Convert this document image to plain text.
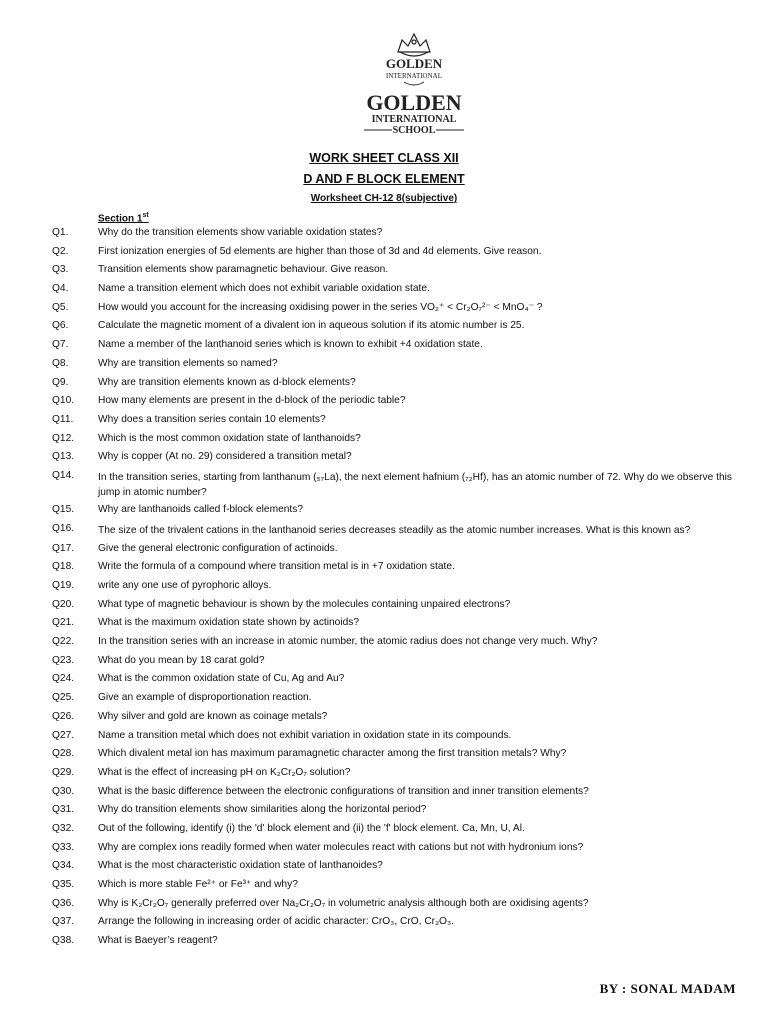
GOLDEN
INTERNATIONAL
GOLDEN
INTERNATIONAL
SCHOOL
WORK SHEET CLASS XII
D AND F BLOCK ELEMENT
Worksheet CH-12 8(subjective)
Section 1st
Q1.	Why do the transition elements show variable oxidation states?
Q2.	First ionization energies of 5d elements are higher than those of 3d and 4d elements. Give reason.
Q3.	Transition elements show paramagnetic behaviour. Give reason.
Q4.	Name a transition element which does not exhibit variable oxidation state.
Q5.	How would you account for the increasing oxidising power in the series VO₂⁺ < Cr₂O₇²⁻ < MnO₄⁻ ?
Q6.	Calculate the magnetic moment of a divalent ion in aqueous solution if its atomic number is 25.
Q7.	Name a member of the lanthanoid series which is known to exhibit +4 oxidation state.
Q8.	Why are transition elements so named?
Q9.	Why are transition elements known as d-block elements?
Q10.	How many elements are present in the d-block of the periodic table?
Q11.	Why does a transition series contain 10 elements?
Q12.	Which is the most common oxidation state of lanthanoids?
Q13.	Why is copper (At no. 29) considered a transition metal?
Q14.	In the transition series, starting from lanthanum (₅₇La), the next element hafnium (₇₂Hf), has an atomic number of 72. Why do we observe this jump in atomic number?
Q15.	Why are lanthanoids called f-block elements?
Q16.	The size of the trivalent cations in the lanthanoid series decreases steadily as the atomic number increases. What is this known as?
Q17.	Give the general electronic configuration of actinoids.
Q18.	Write the formula of a compound where transition metal is in +7 oxidation state.
Q19.	write any one use of pyrophoric alloys.
Q20.	What type of magnetic behaviour is shown by the molecules containing unpaired electrons?
Q21.	What is the maximum oxidation state shown by actinoids?
Q22.	In the transition series with an increase in atomic number, the atomic radius does not change very much. Why?
Q23.	What do you mean by 18 carat gold?
Q24.	What is the common oxidation state of Cu, Ag and Au?
Q25.	Give an example of disproportionation reaction.
Q26.	Why silver and gold are known as coinage metals?
Q27.	Name a transition metal which does not exhibit variation in oxidation state in its compounds.
Q28.	Which divalent metal ion has maximum paramagnetic character among the first transition metals? Why?
Q29.	What is the effect of increasing pH on K₂Cr₂O₇ solution?
Q30.	What is the basic difference between the electronic configurations of transition and inner transition elements?
Q31.	Why do transition elements show similarities along the horizontal period?
Q32.	Out of the following, identify (i) the 'd' block element and (ii) the 'f' block element. Ca, Mn, U, Al.
Q33.	Why are complex ions readily formed when water molecules react with cations but not with hydronium ions?
Q34.	What is the most characteristic oxidation state of lanthanoides?
Q35.	Which is more stable Fe²⁺ or Fe³⁺ and why?
Q36.	Why is K₂Cr₂O₇ generally preferred over Na₂Cr₂O₇ in volumetric analysis although both are oxidising agents?
Q37.	Arrange the following in increasing order of acidic character: CrO₃, CrO, Cr₂O₃.
Q38.	What is Baeyer’s reagent?
BY : SONAL MADAM
